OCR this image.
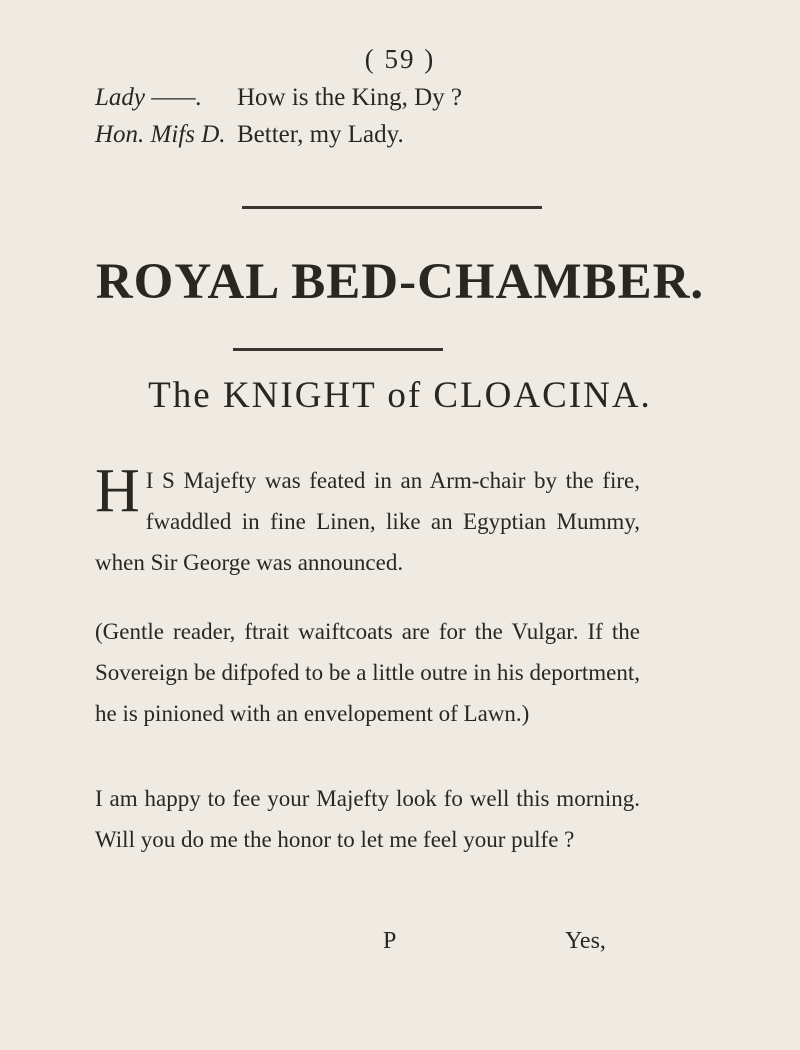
( 59 )
Lady ——. How is the King, Dy ?
Hon. Mifs D. Better, my Lady.
ROYAL BED-CHAMBER.
The KNIGHT of CLOACINA.
H I S Majefty was feated in an Arm-chair by the fire, fwaddled in fine Linen, like an Egyptian Mummy, when Sir George was announced.
(Gentle reader, ftrait waiftcoats are for the Vulgar. If the Sovereign be difpofed to be a little outre in his deportment, he is pinioned with an envelopement of Lawn.)
I am happy to fee your Majefty look fo well this morning. Will you do me the honor to let me feel your pulfe ?
P	Yes,
